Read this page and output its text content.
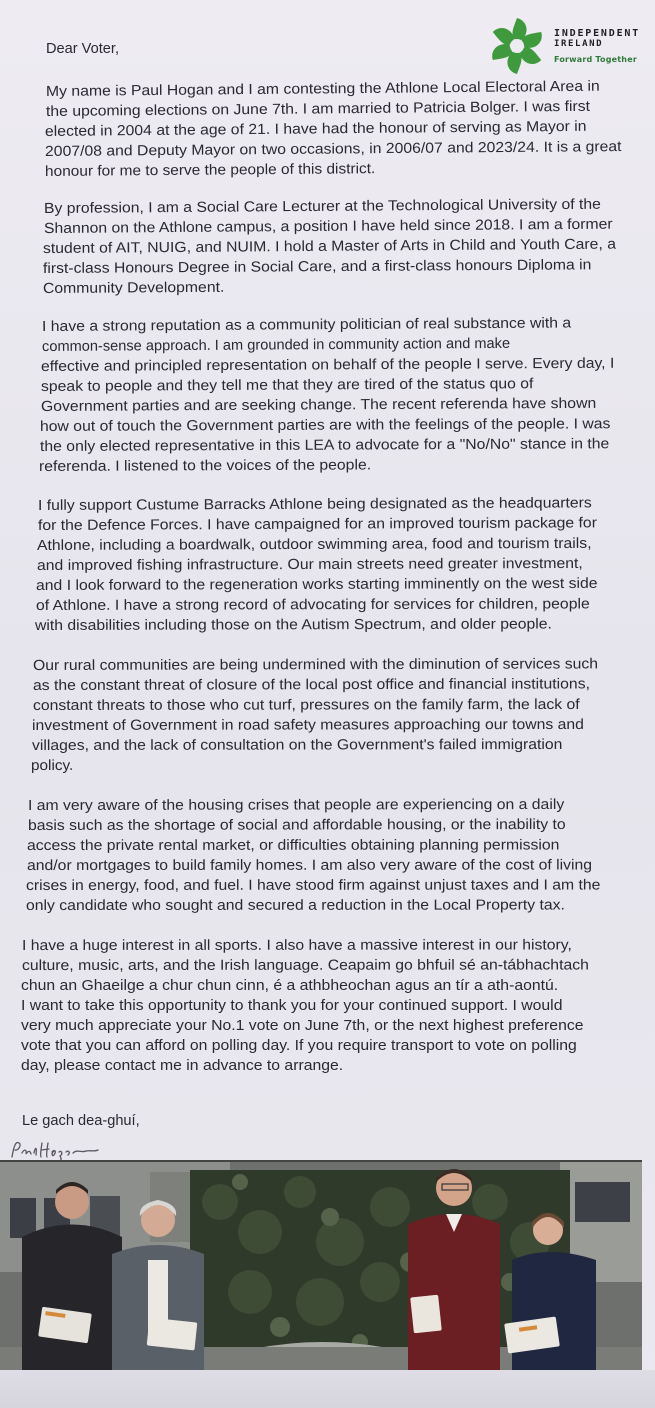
INDEPENDENT
IRELAND
Forward Together
Dear Voter,
My name is Paul Hogan and I am contesting the Athlone Local Electoral Area in
the upcoming elections on June 7th. I am married to Patricia Bolger. I was first
elected in 2004 at the age of 21. I have had the honour of serving as Mayor in
2007/08 and Deputy Mayor on two occasions, in 2006/07 and 2023/24. It is a great
honour for me to serve the people of this district.
By profession, I am a Social Care Lecturer at the Technological University of the
Shannon on the Athlone campus, a position I have held since 2018. I am a former
student of AIT, NUIG, and NUIM. I hold a Master of Arts in Child and Youth Care, a
first-class Honours Degree in Social Care, and a first-class honours Diploma in
Community Development.
I have a strong reputation as a community politician of real substance with a
common-sense approach. I am grounded in community action and make
effective and principled representation on behalf of the people I serve. Every day, I
speak to people and they tell me that they are tired of the status quo of
Government parties and are seeking change. The recent referenda have shown
how out of touch the Government parties are with the feelings of the people. I was
the only elected representative in this LEA to advocate for a "No/No" stance in the
referenda. I listened to the voices of the people.
I fully support Custume Barracks Athlone being designated as the headquarters
for the Defence Forces. I have campaigned for an improved tourism package for
Athlone, including a boardwalk, outdoor swimming area, food and tourism trails,
and improved fishing infrastructure. Our main streets need greater investment,
and I look forward to the regeneration works starting imminently on the west side
of Athlone. I have a strong record of advocating for services for children, people
with disabilities including those on the Autism Spectrum, and older people.
Our rural communities are being undermined with the diminution of services such
as the constant threat of closure of the local post office and financial institutions,
constant threats to those who cut turf, pressures on the family farm, the lack of
investment of Government in road safety measures approaching our towns and
villages, and the lack of consultation on the Government's failed immigration
policy.
I am very aware of the housing crises that people are experiencing on a daily
basis such as the shortage of social and affordable housing, or the inability to
access the private rental market, or difficulties obtaining planning permission
and/or mortgages to build family homes. I am also very aware of the cost of living
crises in energy, food, and fuel. I have stood firm against unjust taxes and I am the
only candidate who sought and secured a reduction in the Local Property tax.
I have a huge interest in all sports. I also have a massive interest in our history,
culture, music, arts, and the Irish language. Ceapaim go bhfuil sé an-tábhachtach
chun an Ghaeilge a chur chun cinn, é a athbheochan agus an tír a ath-aontú.
I want to take this opportunity to thank you for your continued support. I would
very much appreciate your No.1 vote on June 7th, or the next highest preference
vote that you can afford on polling day. If you require transport to vote on polling
day, please contact me in advance to arrange.
Le gach dea-ghuí,
